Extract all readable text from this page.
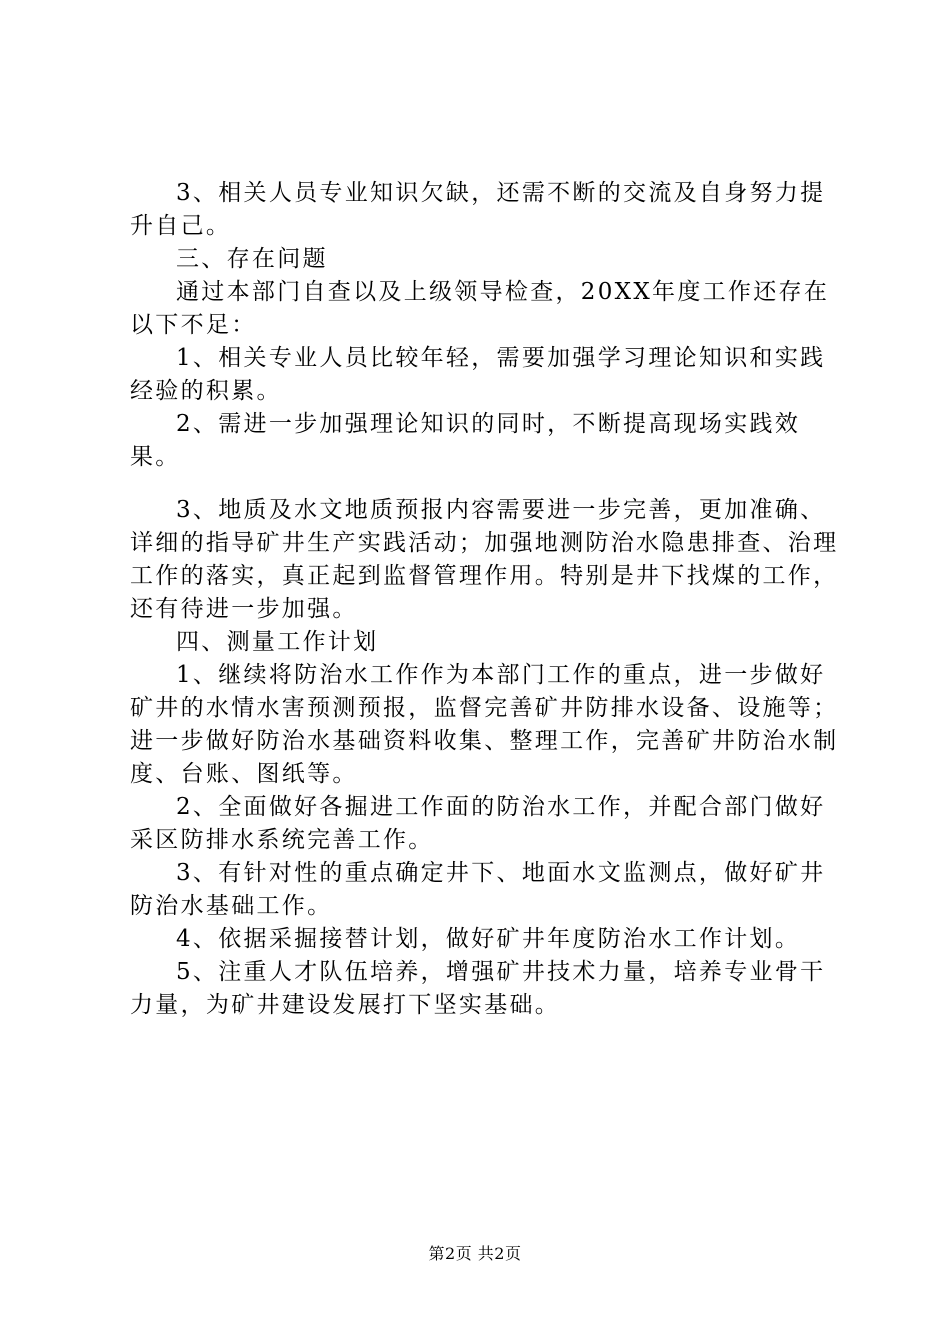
3、相关人员专业知识欠缺，还需不断的交流及自身努力提升自己。

三、存在问题

通过本部门自查以及上级领导检查，20XX年度工作还存在以下不足：

1、相关专业人员比较年轻，需要加强学习理论知识和实践经验的积累。

2、需进一步加强理论知识的同时，不断提高现场实践效果。

3、地质及水文地质预报内容需要进一步完善，更加准确、详细的指导矿井生产实践活动；加强地测防治水隐患排查、治理工作的落实，真正起到监督管理作用。特别是井下找煤的工作，还有待进一步加强。

四、测量工作计划

1、继续将防治水工作作为本部门工作的重点，进一步做好矿井的水情水害预测预报，监督完善矿井防排水设备、设施等；进一步做好防治水基础资料收集、整理工作，完善矿井防治水制度、台账、图纸等。

2、全面做好各掘进工作面的防治水工作，并配合部门做好采区防排水系统完善工作。

3、有针对性的重点确定井下、地面水文监测点，做好矿井防治水基础工作。

4、依据采掘接替计划，做好矿井年度防治水工作计划。

5、注重人才队伍培养，增强矿井技术力量，培养专业骨干力量，为矿井建设发展打下坚实基础。

第2页 共2页
